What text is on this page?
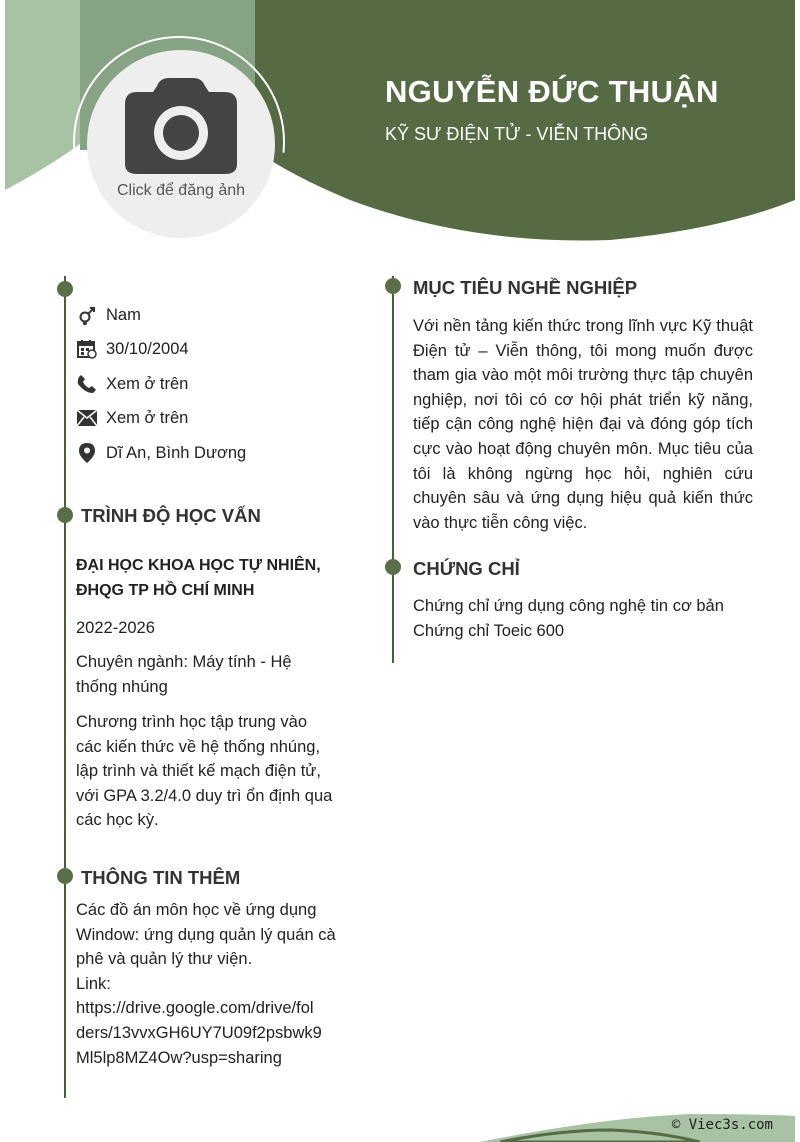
Click để đăng ảnh
NGUYỄN ĐỨC THUẬN
KỸ SƯ ĐIỆN TỬ - VIỄN THÔNG
Nam
30/10/2004
Xem ở trên
Xem ở trên
Dĩ An, Bình Dương
TRÌNH ĐỘ HỌC VẤN
ĐẠI HỌC KHOA HỌC TỰ NHIÊN,
ĐHQG TP HỒ CHÍ MINH
2022-2026
Chuyên ngành: Máy tính - Hệ
thống nhúng
Chương trình học tập trung vào
các kiến thức về hệ thống nhúng,
lập trình và thiết kế mạch điện tử,
với GPA 3.2/4.0 duy trì ổn định qua
các học kỳ.
THÔNG TIN THÊM
Các đồ án môn học về ứng dụng
Window: ứng dụng quản lý quán cà
phê và quản lý thư viện.
Link:
https://drive.google.com/drive/fol
ders/13vvxGH6UY7U09f2psbwk9
Ml5lp8MZ4Ow?usp=sharing
MỤC TIÊU NGHỀ NGHIỆP
Với nền tảng kiến thức trong lĩnh vực Kỹ thuật Điện tử – Viễn thông, tôi mong muốn được tham gia vào một môi trường thực tập chuyên nghiệp, nơi tôi có cơ hội phát triển kỹ năng, tiếp cận công nghệ hiện đại và đóng góp tích cực vào hoạt động chuyên môn. Mục tiêu của tôi là không ngừng học hỏi, nghiên cứu chuyên sâu và ứng dụng hiệu quả kiến thức vào thực tiễn công việc.
CHỨNG CHỈ
Chứng chỉ ứng dụng công nghệ tin cơ bản
Chứng chỉ Toeic 600
© Viec3s.com
